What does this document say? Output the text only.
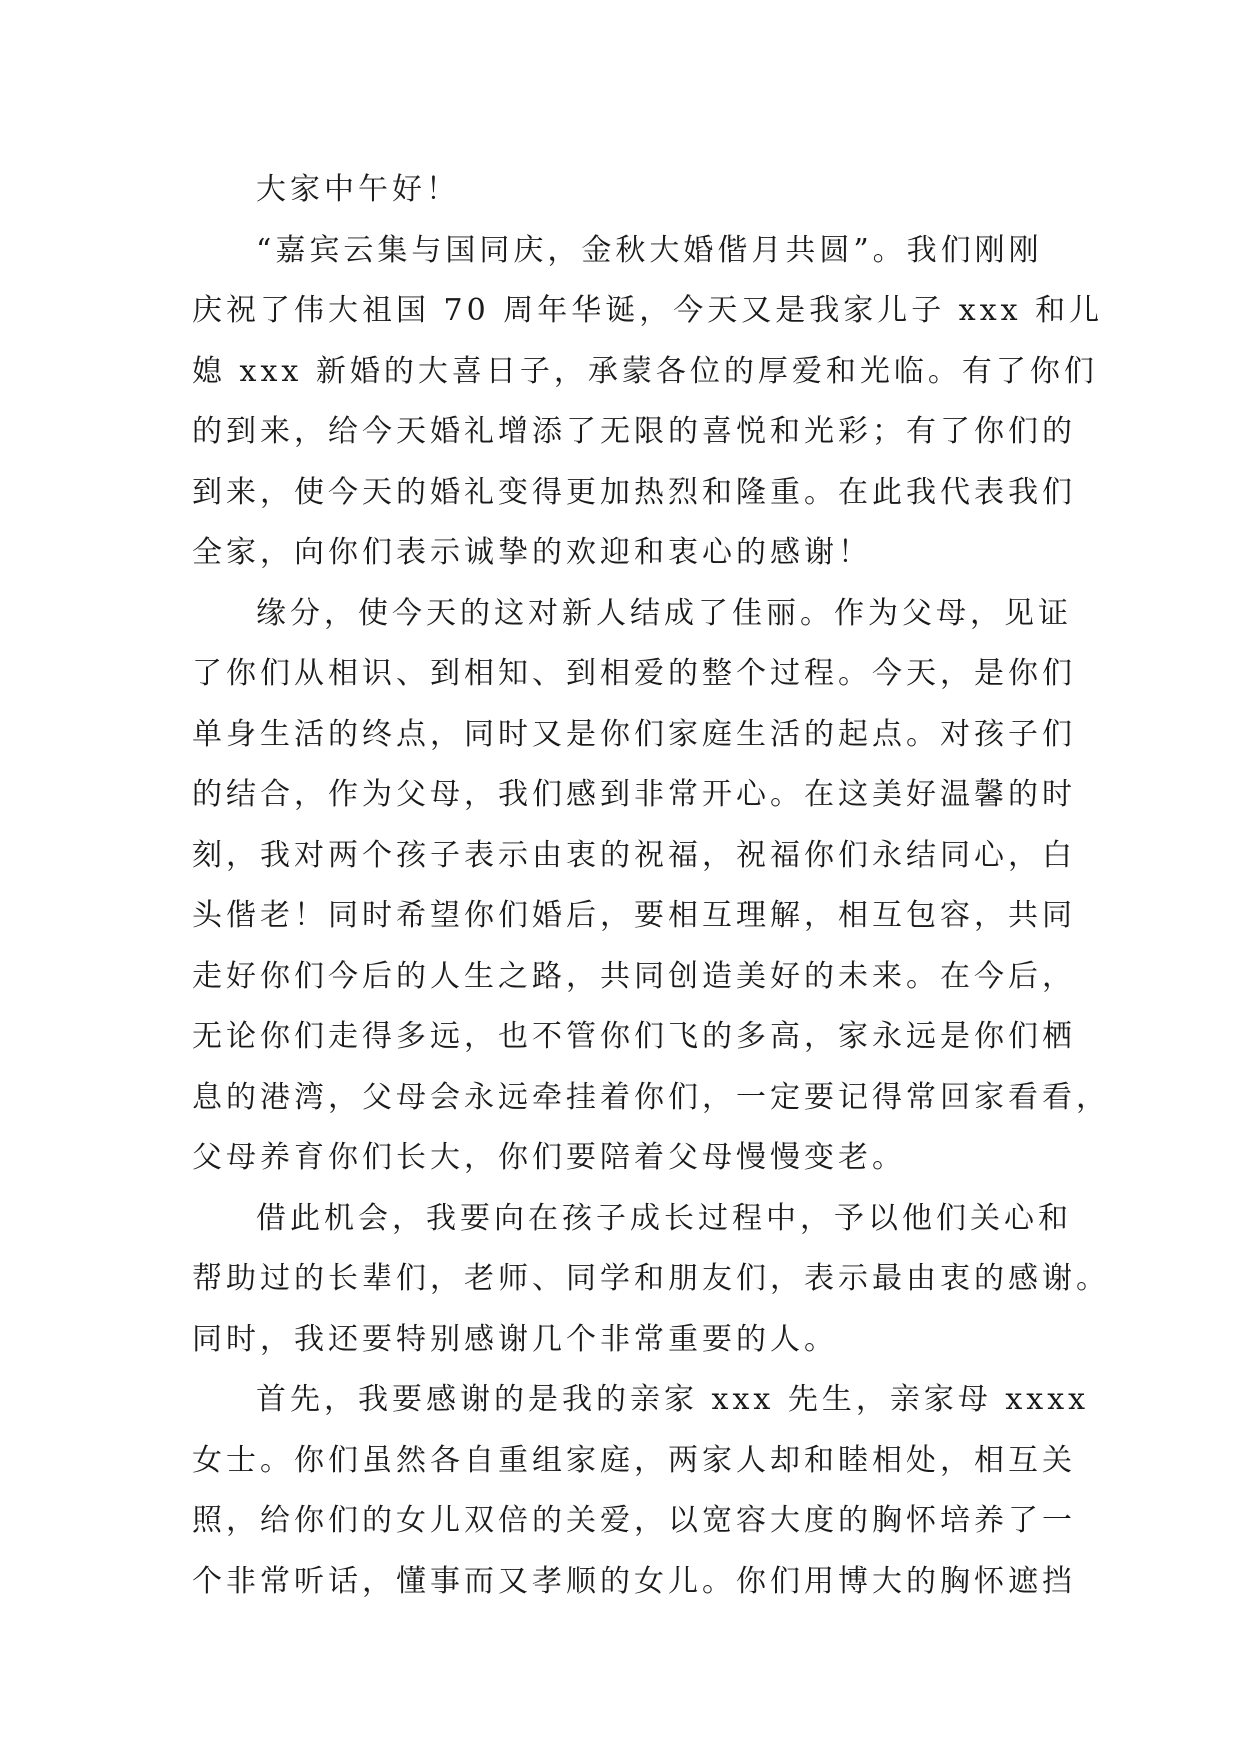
大家中午好！
“嘉宾云集与国同庆，金秋大婚偕月共圆”。我们刚刚
庆祝了伟大祖国 70 周年华诞，今天又是我家儿子 xxx 和儿
媳 xxx 新婚的大喜日子，承蒙各位的厚爱和光临。有了你们
的到来，给今天婚礼增添了无限的喜悦和光彩；有了你们的
到来，使今天的婚礼变得更加热烈和隆重。在此我代表我们
全家，向你们表示诚挚的欢迎和衷心的感谢！
缘分，使今天的这对新人结成了佳丽。作为父母，见证
了你们从相识、到相知、到相爱的整个过程。今天，是你们
单身生活的终点，同时又是你们家庭生活的起点。对孩子们
的结合，作为父母，我们感到非常开心。在这美好温馨的时
刻，我对两个孩子表示由衷的祝福，祝福你们永结同心，白
头偕老！同时希望你们婚后，要相互理解，相互包容，共同
走好你们今后的人生之路，共同创造美好的未来。在今后，
无论你们走得多远，也不管你们飞的多高，家永远是你们栖
息的港湾，父母会永远牵挂着你们，一定要记得常回家看看，
父母养育你们长大，你们要陪着父母慢慢变老。
借此机会，我要向在孩子成长过程中，予以他们关心和
帮助过的长辈们，老师、同学和朋友们，表示最由衷的感谢。
同时，我还要特别感谢几个非常重要的人。
首先，我要感谢的是我的亲家 xxx 先生，亲家母 xxxx
女士。你们虽然各自重组家庭，两家人却和睦相处，相互关
照，给你们的女儿双倍的关爱，以宽容大度的胸怀培养了一
个非常听话，懂事而又孝顺的女儿。你们用博大的胸怀遮挡
